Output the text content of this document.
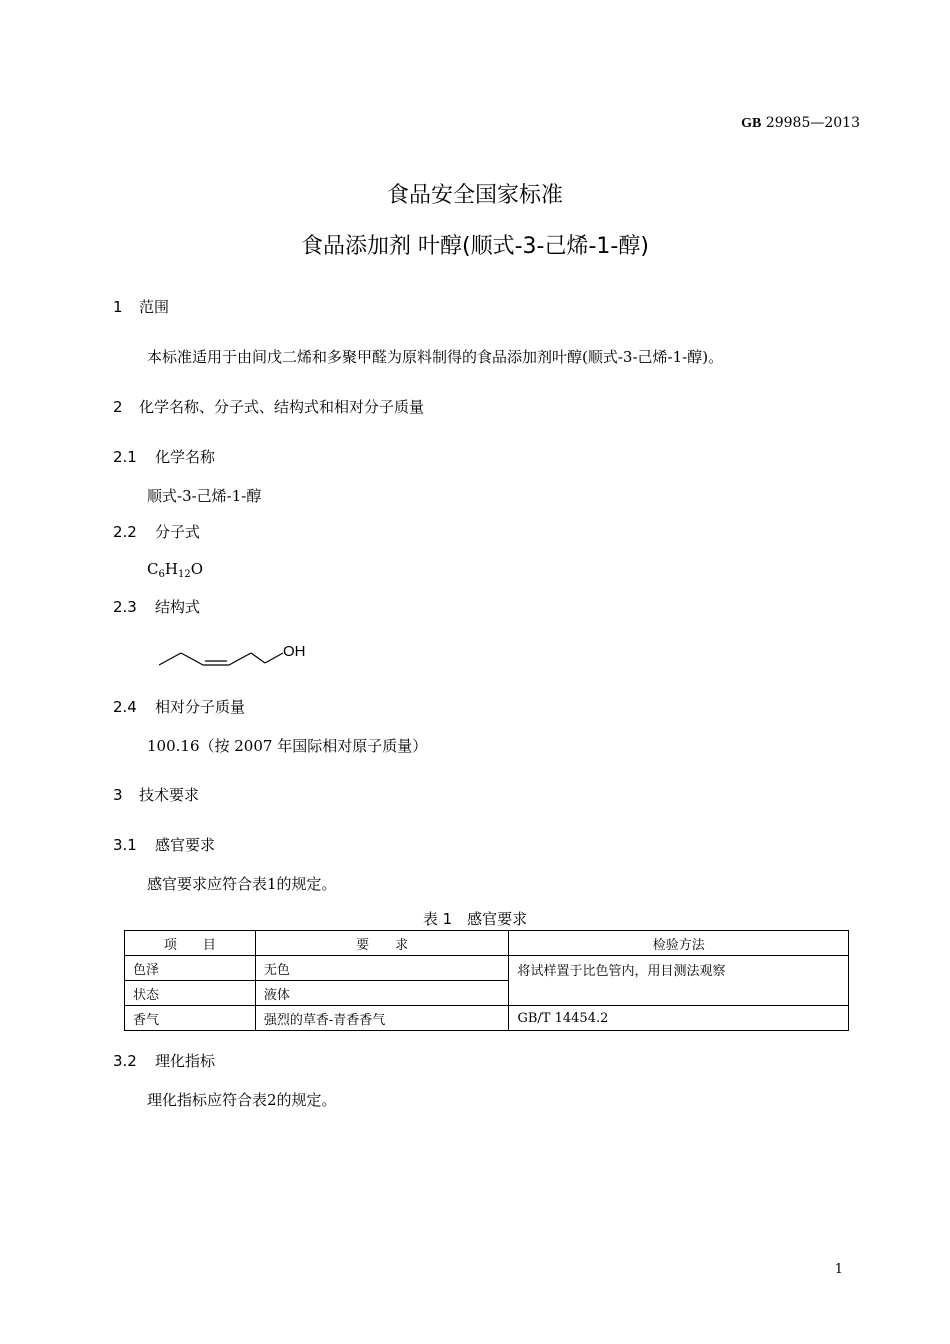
GB 29985—2013
食品安全国家标准
食品添加剂 叶醇(顺式-3-己烯-1-醇)
1 范围
本标准适用于由间戊二烯和多聚甲醛为原料制得的食品添加剂叶醇(顺式-3-己烯-1-醇)。
2 化学名称、分子式、结构式和相对分子质量
2.1 化学名称
顺式-3-己烯-1-醇
2.2 分子式
$C_6H_{12}O$
2.3 结构式
OH
2.4 相对分子质量
100.16（按 2007 年国际相对原子质量）
3 技术要求
3.1 感官要求
感官要求应符合表1的规定。
表 1　感官要求
项　　目	要　　求	检验方法
色泽	无色	将试样置于比色管内，用目测法观察
状态	液体	
香气	强烈的草香-青香香气	GB/T 14454.2
3.2 理化指标
理化指标应符合表2的规定。
1
